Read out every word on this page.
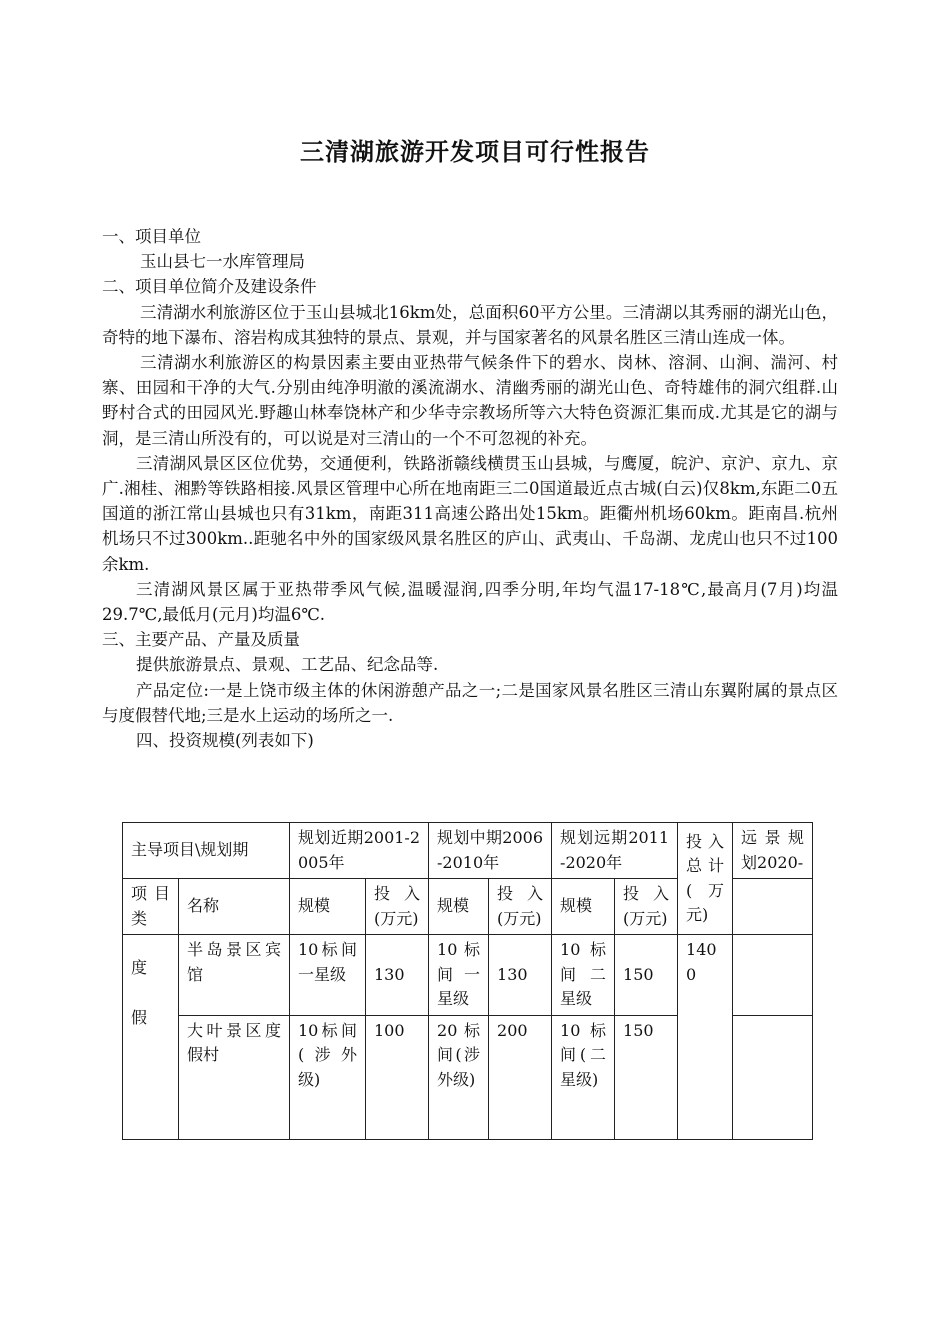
三清湖旅游开发项目可行性报告

一、项目单位

玉山县七一水库管理局

二、项目单位简介及建设条件

三清湖水利旅游区位于玉山县城北16km处，总面积60平方公里。三清湖以其秀丽的湖光山色，奇特的地下瀑布、溶岩构成其独特的景点、景观，并与国家著名的风景名胜区三清山连成一体。

三清湖水利旅游区的构景因素主要由亚热带气候条件下的碧水、岗林、溶洞、山涧、湍河、村寨、田园和干净的大气.分别由纯净明澈的溪流湖水、清幽秀丽的湖光山色、奇特雄伟的洞穴组群.山野村合式的田园风光.野趣山林奉饶林产和少华寺宗教场所等六大特色资源汇集而成.尤其是它的湖与洞，是三清山所没有的，可以说是对三清山的一个不可忽视的补充。

三清湖风景区区位优势，交通便利，铁路浙赣线横贯玉山县城，与鹰厦，皖沪、京沪、京九、京广.湘桂、湘黔等铁路相接.风景区管理中心所在地南距三二0国道最近点古城(白云)仅8km,东距二0五国道的浙江常山县城也只有31km，南距311高速公路出处15km。距衢州机场60km。距南昌.杭州机场只不过300km..距驰名中外的国家级风景名胜区的庐山、武夷山、千岛湖、龙虎山也只不过100余km.

三清湖风景区属于亚热带季风气候,温暖湿润,四季分明,年均气温17-18℃,最高月(7月)均温29.7℃,最低月(元月)均温6℃.

三、主要产品、产量及质量

提供旅游景点、景观、工艺品、纪念品等.

产品定位:一是上饶市级主体的休闲游憩产品之一;二是国家风景名胜区三清山东翼附属的景点区与度假替代地;三是水上运动的场所之一.

四、投资规模(列表如下)

主导项目\规划期		规划近期2001-2005年		规划中期2006-2010年		规划远期2011-2020年		投入总计(万元)	远景规划2020-
项目类	名称	规模	投入(万元)	规模	投入(万元)	规模	投入(万元)		

度假	半岛景区宾馆	10标间一星级	130	10标间一星级	130	10标间二星级	150	1400	
	大叶景区度假村	10标间(涉外级)	100	20标间(涉外级)	200	10标间(二星级)	150		
